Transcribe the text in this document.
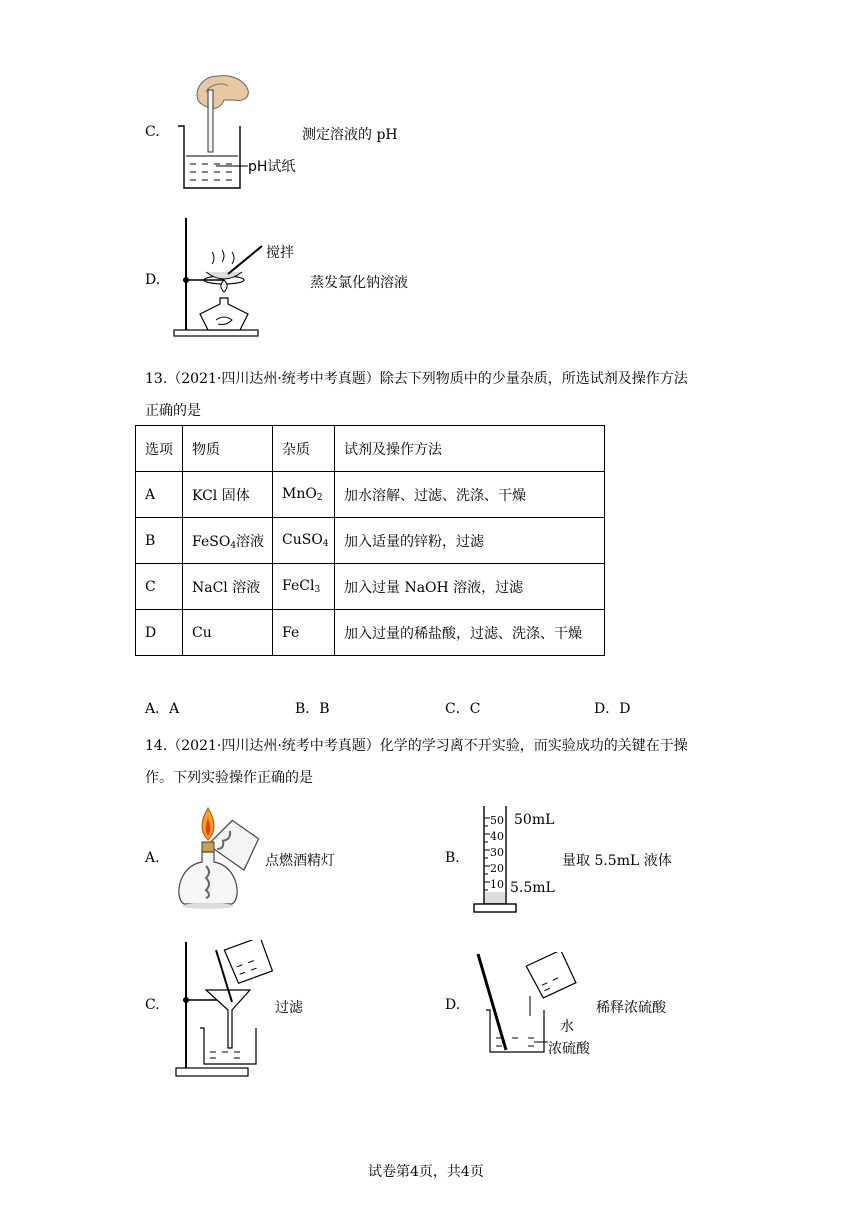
C.
pH试纸
测定溶液的 pH
D.
搅拌
蒸发氯化钠溶液
13.（2021·四川达州·统考中考真题）除去下列物质中的少量杂质，所选试剂及操作方法
正确的是
选项	物质	杂质	试剂及操作方法
A	KCl 固体	MnO$_2$	加水溶解、过滤、洗涤、干燥
B	FeSO$_4$溶液	CuSO$_4$	加入适量的锌粉，过滤
C	NaCl 溶液	FeCl$_3$	加入过量 NaOH 溶液，过滤
D	Cu	Fe	加入过量的稀盐酸，过滤、洗涤、干燥
A．A	B．B	C．C	D．D
14.（2021·四川达州·统考中考真题）化学的学习离不开实验，而实验成功的关键在于操
作。下列实验操作正确的是
A.	点燃酒精灯	B.
50
40
30
20
10
50mL
5.5mL
量取 5.5mL 液体
C.	过滤	D.
水
浓硫酸
稀释浓硫酸
试卷第4页，共4页
